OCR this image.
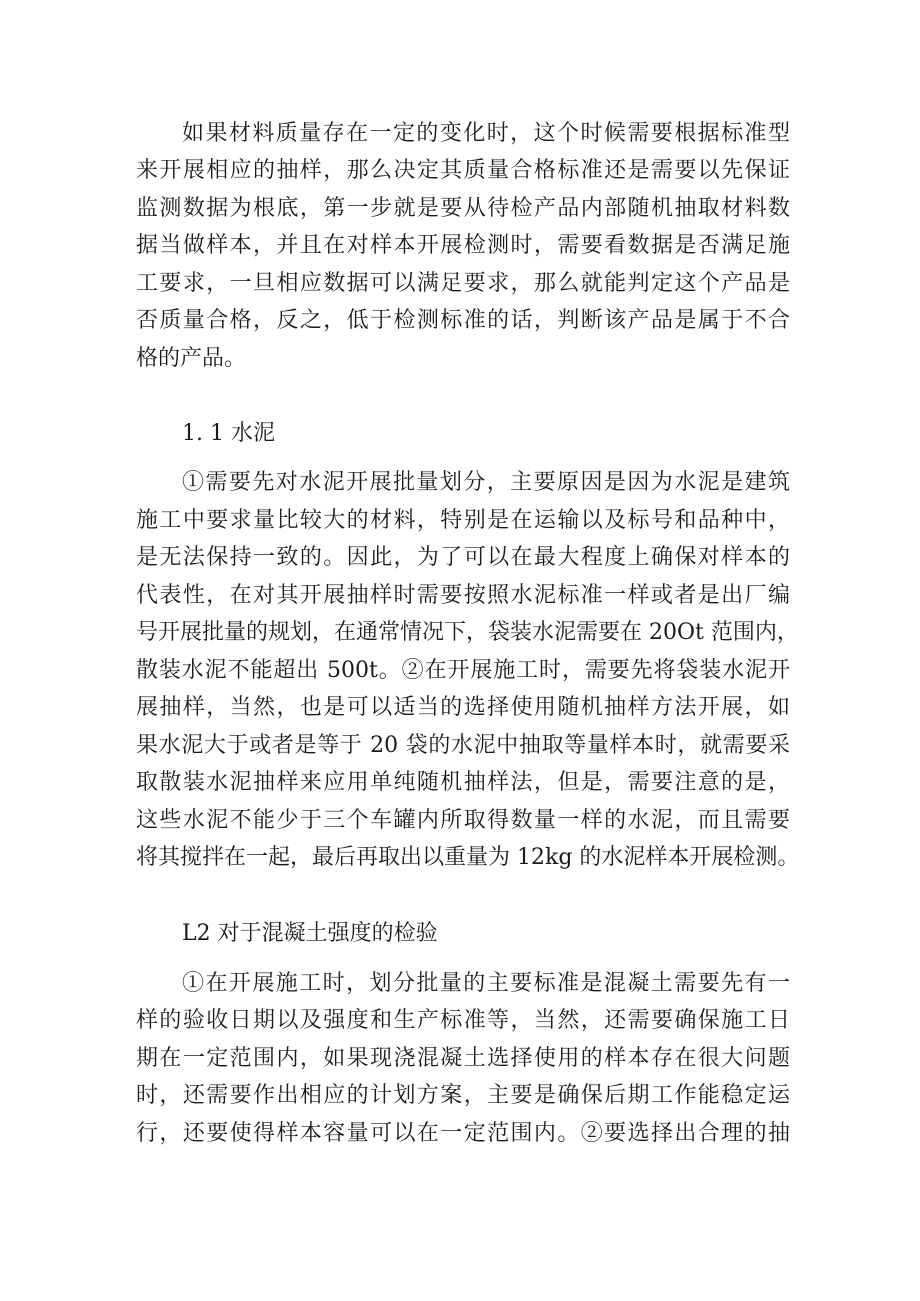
如果材料质量存在一定的变化时，这个时候需要根据标准型
来开展相应的抽样，那么决定其质量合格标准还是需要以先保证
监测数据为根底，第一步就是要从待检产品内部随机抽取材料数
据当做样本，并且在对样本开展检测时，需要看数据是否满足施
工要求，一旦相应数据可以满足要求，那么就能判定这个产品是
否质量合格，反之，低于检测标准的话，判断该产品是属于不合
格的产品。
1. 1 水泥
①需要先对水泥开展批量划分，主要原因是因为水泥是建筑
施工中要求量比较大的材料，特别是在运输以及标号和品种中，
是无法保持一致的。因此，为了可以在最大程度上确保对样本的
代表性，在对其开展抽样时需要按照水泥标准一样或者是出厂编
号开展批量的规划，在通常情况下，袋装水泥需要在 20Ot 范围内，
散装水泥不能超出 500t。②在开展施工时，需要先将袋装水泥开
展抽样，当然，也是可以适当的选择使用随机抽样方法开展，如
果水泥大于或者是等于 20 袋的水泥中抽取等量样本时，就需要采
取散装水泥抽样来应用单纯随机抽样法，但是，需要注意的是，
这些水泥不能少于三个车罐内所取得数量一样的水泥，而且需要
将其搅拌在一起，最后再取出以重量为 12kg 的水泥样本开展检测。
L2 对于混凝土强度的检验
①在开展施工时，划分批量的主要标准是混凝土需要先有一
样的验收日期以及强度和生产标准等，当然，还需要确保施工日
期在一定范围内，如果现浇混凝土选择使用的样本存在很大问题
时，还需要作出相应的计划方案，主要是确保后期工作能稳定运
行，还要使得样本容量可以在一定范围内。②要选择出合理的抽
